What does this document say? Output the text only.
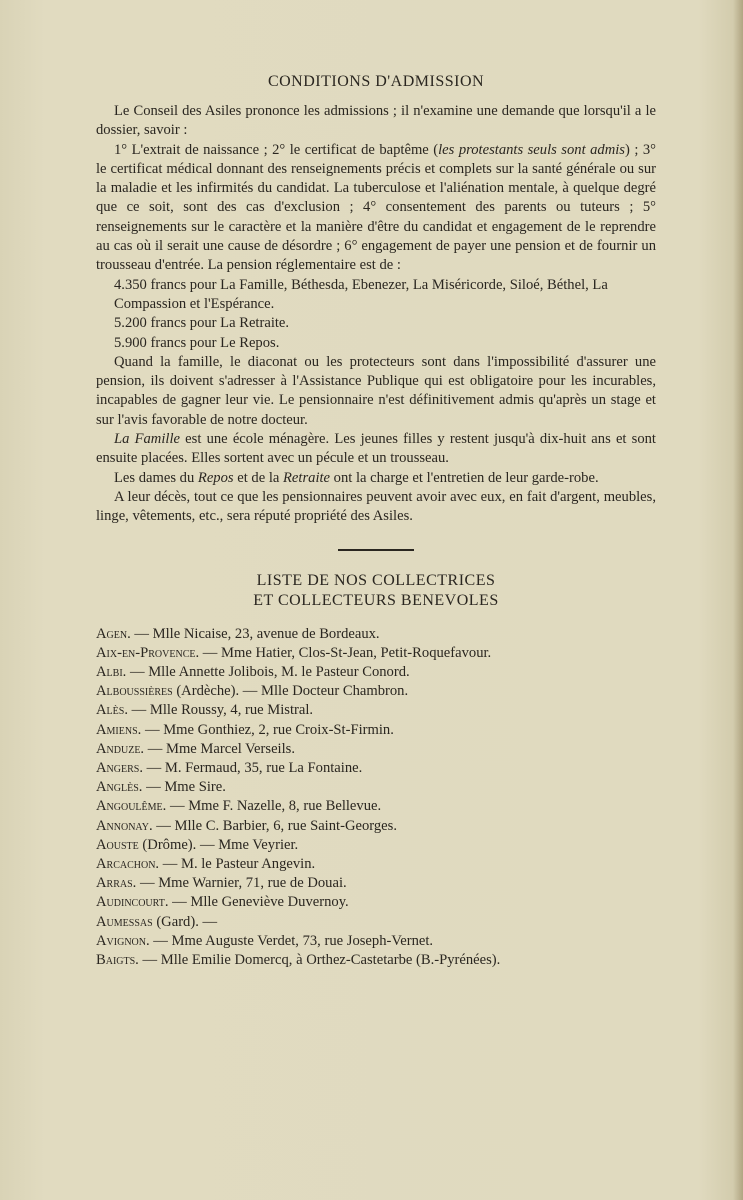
CONDITIONS D'ADMISSION

Le Conseil des Asiles prononce les admissions ; il n'examine une demande que lorsqu'il a le dossier, savoir :

1° L'extrait de naissance ; 2° le certificat de baptême (les protestants seuls sont admis) ; 3° le certificat médical donnant des renseignements précis et complets sur la santé générale ou sur la maladie et les infirmités du candidat. La tuberculose et l'aliénation mentale, à quelque degré que ce soit, sont des cas d'exclusion ; 4° consentement des parents ou tuteurs ; 5° renseignements sur le caractère et la manière d'être du candidat et engagement de le reprendre au cas où il serait une cause de désordre ; 6° engagement de payer une pension et de fournir un trousseau d'entrée. La pension réglementaire est de :

4.350 francs pour La Famille, Béthesda, Ebenezer, La Miséricorde, Siloé, Béthel, La Compassion et l'Espérance.

5.200 francs pour La Retraite.

5.900 francs pour Le Repos.

Quand la famille, le diaconat ou les protecteurs sont dans l'impossibilité d'assurer une pension, ils doivent s'adresser à l'Assistance Publique qui est obligatoire pour les incurables, incapables de gagner leur vie. Le pensionnaire n'est définitivement admis qu'après un stage et sur l'avis favorable de notre docteur.

La Famille est une école ménagère. Les jeunes filles y restent jusqu'à dix-huit ans et sont ensuite placées. Elles sortent avec un pécule et un trousseau.

Les dames du Repos et de la Retraite ont la charge et l'entretien de leur garde-robe.

A leur décès, tout ce que les pensionnaires peuvent avoir avec eux, en fait d'argent, meubles, linge, vêtements, etc., sera réputé propriété des Asiles.

LISTE DE NOS COLLECTRICES
ET COLLECTEURS BENEVOLES
Agen. — Mlle Nicaise, 23, avenue de Bordeaux.
Aix-en-Provence. — Mme Hatier, Clos-St-Jean, Petit-Roquefavour.
Albi. — Mlle Annette Jolibois, M. le Pasteur Conord.
Alboussières (Ardèche). — Mlle Docteur Chambron.
Alès. — Mlle Roussy, 4, rue Mistral.
Amiens. — Mme Gonthiez, 2, rue Croix-St-Firmin.
Anduze. — Mme Marcel Verseils.
Angers. — M. Fermaud, 35, rue La Fontaine.
Anglès. — Mme Sire.
Angoulême. — Mme F. Nazelle, 8, rue Bellevue.
Annonay. — Mlle C. Barbier, 6, rue Saint-Georges.
Aouste (Drôme). — Mme Veyrier.
Arcachon. — M. le Pasteur Angevin.
Arras. — Mme Warnier, 71, rue de Douai.
Audincourt. — Mlle Geneviève Duvernoy.
Aumessas (Gard). —
Avignon. — Mme Auguste Verdet, 73, rue Joseph-Vernet.
Baigts. — Mlle Emilie Domercq, à Orthez-Castetarbe (B.-Pyrénées).
